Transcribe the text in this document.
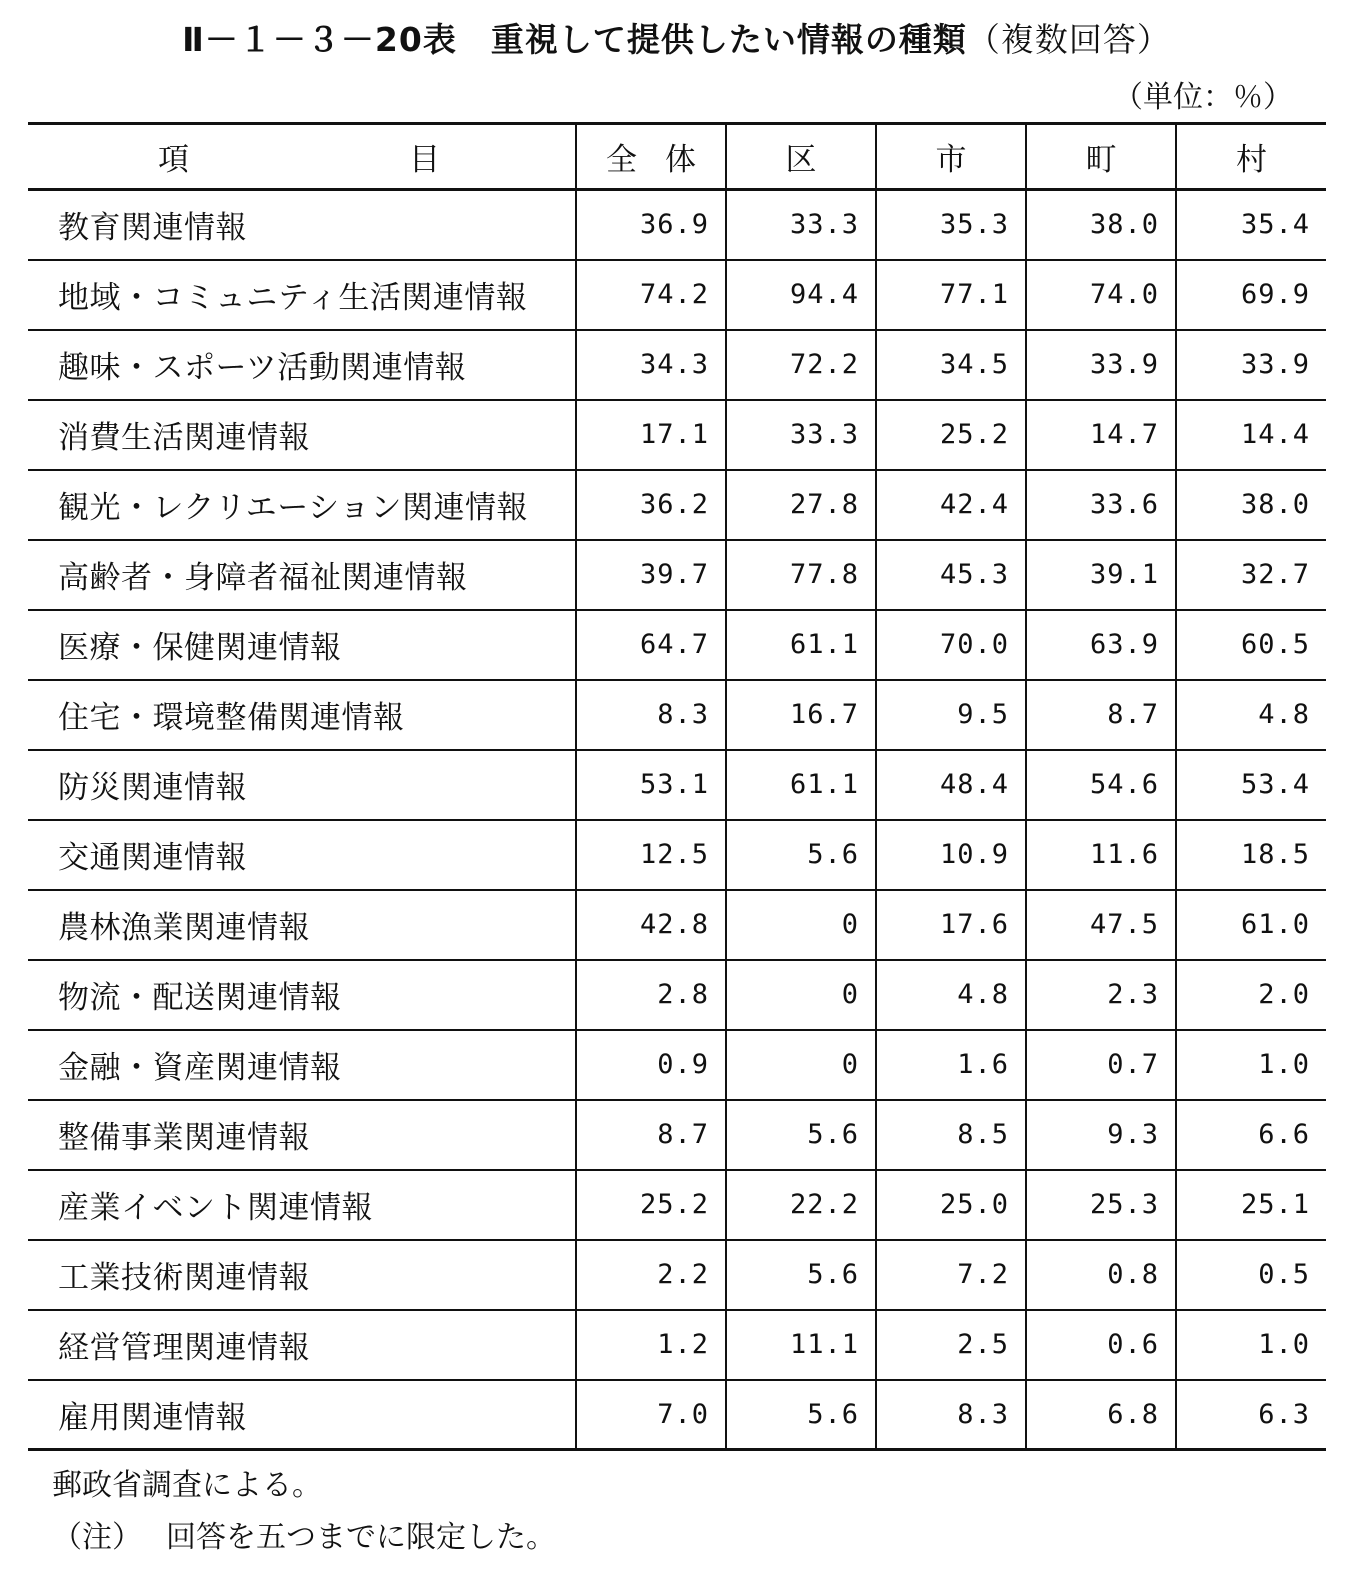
Ⅱ－１－３－20表　重視して提供したい情報の種類（複数回答）
（単位：％）
項 目	全体	区	市	町	村
教育関連情報	36.9	33.3	35.3	38.0	35.4
地域・コミュニティ生活関連情報	74.2	94.4	77.1	74.0	69.9
趣味・スポーツ活動関連情報	34.3	72.2	34.5	33.9	33.9
消費生活関連情報	17.1	33.3	25.2	14.7	14.4
観光・レクリエーション関連情報	36.2	27.8	42.4	33.6	38.0
高齢者・身障者福祉関連情報	39.7	77.8	45.3	39.1	32.7
医療・保健関連情報	64.7	61.1	70.0	63.9	60.5
住宅・環境整備関連情報	8.3	16.7	9.5	8.7	4.8
防災関連情報	53.1	61.1	48.4	54.6	53.4
交通関連情報	12.5	5.6	10.9	11.6	18.5
農林漁業関連情報	42.8	0	17.6	47.5	61.0
物流・配送関連情報	2.8	0	4.8	2.3	2.0
金融・資産関連情報	0.9	0	1.6	0.7	1.0
整備事業関連情報	8.7	5.6	8.5	9.3	6.6
産業イベント関連情報	25.2	22.2	25.0	25.3	25.1
工業技術関連情報	2.2	5.6	7.2	0.8	0.5
経営管理関連情報	1.2	11.1	2.5	0.6	1.0
雇用関連情報	7.0	5.6	8.3	6.8	6.3
郵政省調査による。
（注） 回答を五つまでに限定した。
